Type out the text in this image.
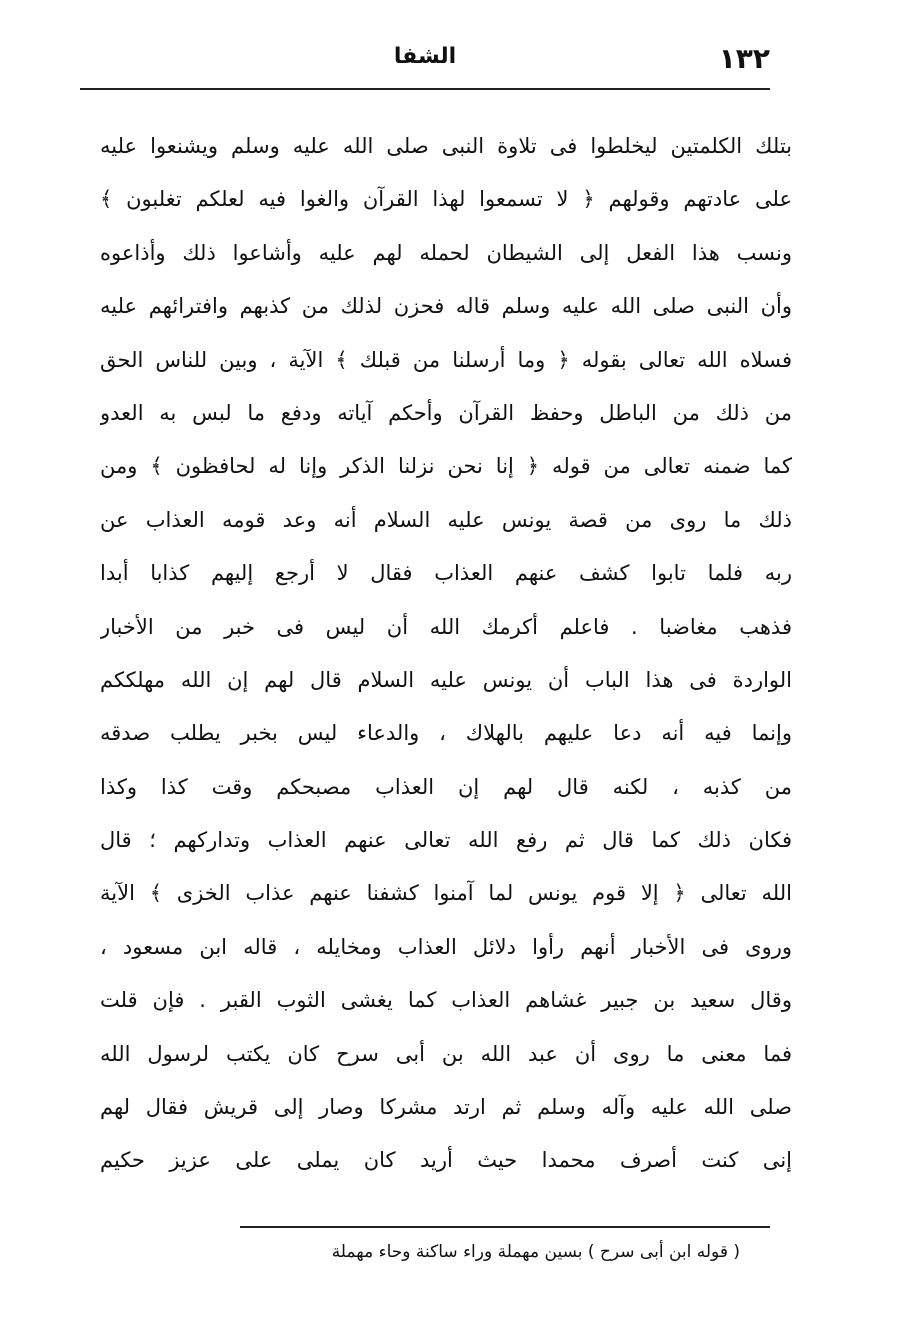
١٣٢
الشفا
بتلك الكلمتين ليخلطوا فى تلاوة النبى صلى الله عليه وسلم ويشنعوا عليه
على عادتهم وقولهم ﴿ لا تسمعوا لهذا القرآن والغوا فيه لعلكم تغلبون ﴾
ونسب هذا الفعل إلى الشيطان لحمله لهم عليه وأشاعوا ذلك وأذاعوه
وأن النبى صلى الله عليه وسلم قاله فحزن لذلك من كذبهم وافترائهم عليه
فسلاه الله تعالى بقوله ﴿ وما أرسلنا من قبلك ﴾ الآية ، وبين للناس الحق
من ذلك من الباطل وحفظ القرآن وأحكم آياته ودفع ما لبس به العدو
كما ضمنه تعالى من قوله ﴿ إنا نحن نزلنا الذكر وإنا له لحافظون ﴾ ومن
ذلك ما روى من قصة يونس عليه السلام أنه وعد قومه العذاب عن
ربه فلما تابوا كشف عنهم العذاب فقال لا أرجع إليهم كذابا أبدا
فذهب مغاضبا . فاعلم أكرمك الله أن ليس فى خبر من الأخبار
الواردة فى هذا الباب أن يونس عليه السلام قال لهم إن الله مهلككم
وإنما فيه أنه دعا عليهم بالهلاك ، والدعاء ليس بخبر يطلب صدقه
من كذبه ، لكنه قال لهم إن العذاب مصبحكم وقت كذا وكذا
فكان ذلك كما قال ثم رفع الله تعالى عنهم العذاب وتداركهم ؛ قال
الله تعالى ﴿ إلا قوم يونس لما آمنوا كشفنا عنهم عذاب الخزى ﴾ الآية
وروى فى الأخبار أنهم رأوا دلائل العذاب ومخايله ، قاله ابن مسعود ،
وقال سعيد بن جبير غشاهم العذاب كما يغشى الثوب القبر . فإن قلت
فما معنى ما روى أن عبد الله بن أبى سرح كان يكتب لرسول الله
صلى الله عليه وآله وسلم ثم ارتد مشركا وصار إلى قريش فقال لهم
إنى كنت أصرف محمدا حيث أريد كان يملى على عزيز حكيم
( قوله ابن أبى سرح ) بسين مهملة وراء ساكنة وحاء مهملة
